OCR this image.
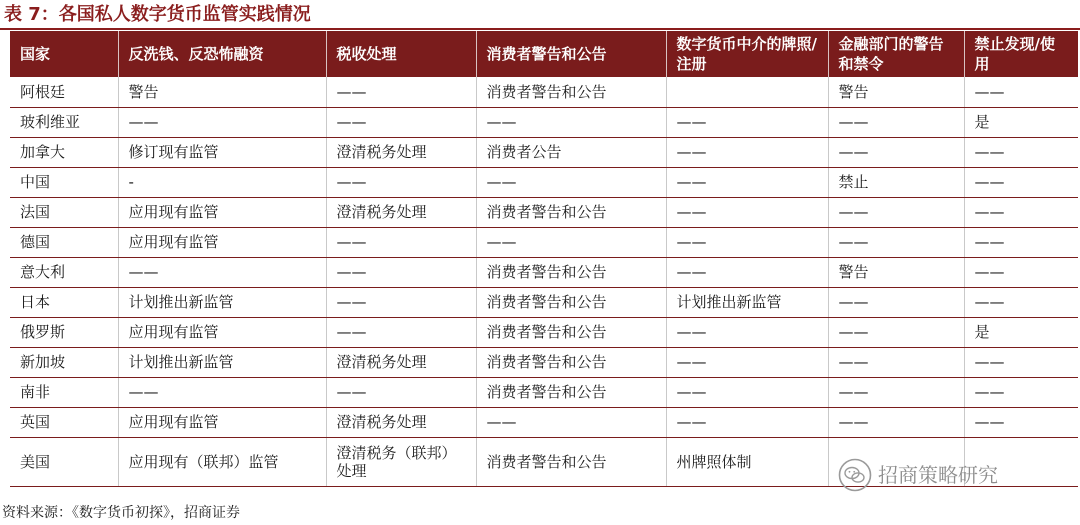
表 7：各国私人数字货币监管实践情况
国家	反洗钱、反恐怖融资	税收处理	消费者警告和公告	数字货币中介的牌照/注册	金融部门的警告和禁令	禁止发现/使用
阿根廷	警告	——	消费者警告和公告		警告	——
玻利维亚	——	——	——	——	——	是
加拿大	修订现有监管	澄清税务处理	消费者公告	——	——	——
中国	-	——	——	——	禁止	——
法国	应用现有监管	澄清税务处理	消费者警告和公告	——	——	——
德国	应用现有监管	——	——	——	——	——
意大利	——	——	消费者警告和公告	——	警告	——
日本	计划推出新监管	——	消费者警告和公告	计划推出新监管	——	——
俄罗斯	应用现有监管	——	消费者警告和公告	——	——	是
新加坡	计划推出新监管	澄清税务处理	消费者警告和公告	——	——	——
南非	——	——	消费者警告和公告	——	——	——
英国	应用现有监管	澄清税务处理	——	——	——	——
美国	应用现有（联邦）监管	澄清税务（联邦）处理	消费者警告和公告	州牌照体制		
资料来源：《数字货币初探》，招商证券
招商策略研究
